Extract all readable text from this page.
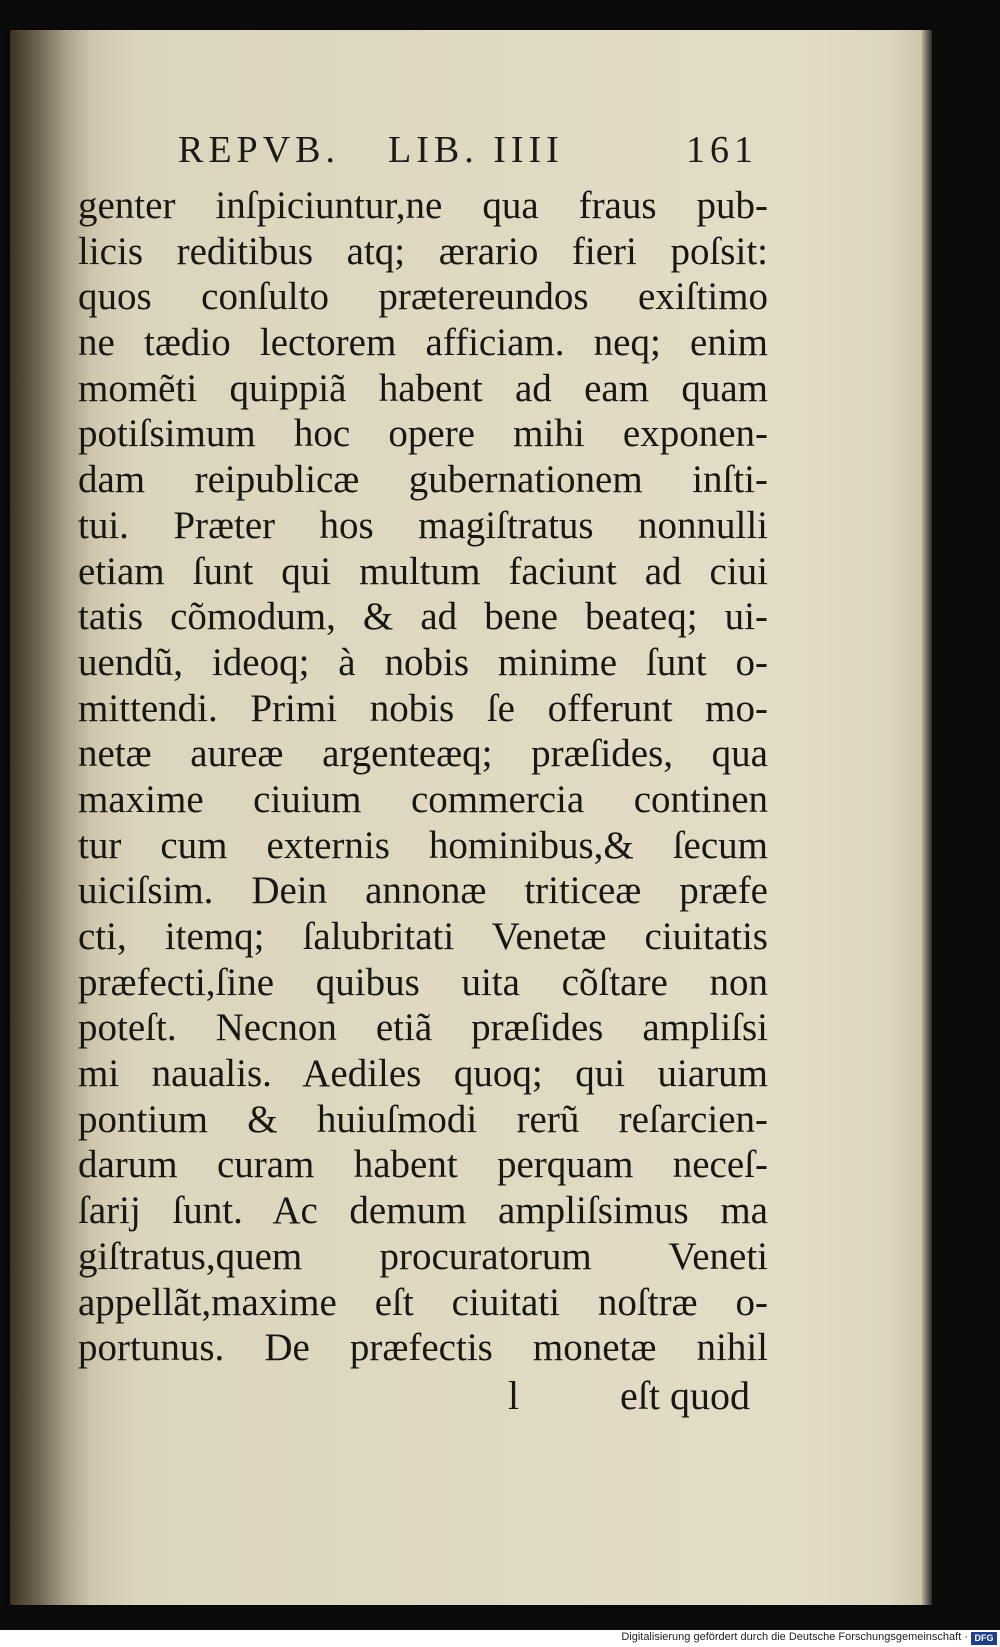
REPVB. LIB. IIII	161
genter inſpiciuntur,ne qua fraus pub-
licis reditibus atq; ærario fieri poſsit:
quos conſulto prætereundos exiſtimo
ne tædio lectorem afficiam. neq; enim
momẽti quippiã habent ad eam quam
potiſsimum hoc opere mihi exponen-
dam reipublicæ gubernationem inſti-
tui. Præter hos magiſtratus nonnulli
etiam ſunt qui multum faciunt ad ciui
tatis cõmodum, & ad bene beateq; ui-
uendũ, ideoq; à nobis minime ſunt o-
mittendi. Primi nobis ſe offerunt mo-
netæ aureæ argenteæq; præſides, qua
maxime ciuium commercia continen
tur cum externis hominibus,& ſecum
uiciſsim. Dein annonæ triticeæ præfe
cti, itemq; ſalubritati Venetæ ciuitatis
præfecti,ſine quibus uita cõſtare non
poteſt. Necnon etiã præſides ampliſsi
mi naualis. Aediles quoq; qui uiarum
pontium & huiuſmodi rerũ reſarcien-
darum curam habent perquam neceſ-
ſarij ſunt. Ac demum ampliſsimus ma
giſtratus,quem procuratorum Veneti
appellãt,maxime eſt ciuitati noſtræ o-
portunus. De præfectis monetæ nihil
l	eſt quod
Digitalisierung gefördert durch die Deutsche Forschungsgemeinschaft · DFG
